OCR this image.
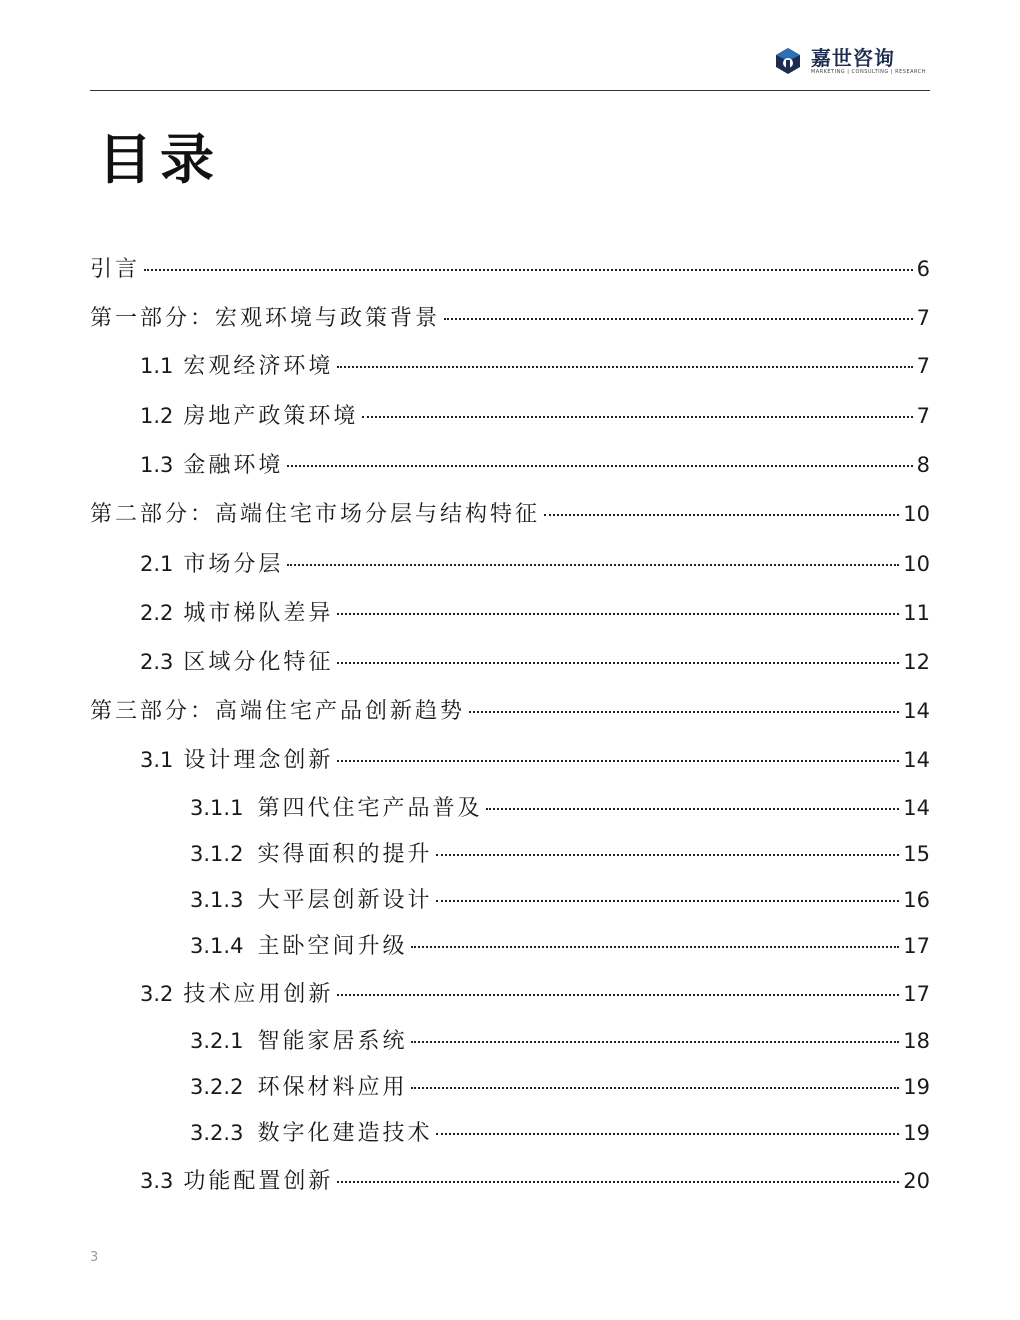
嘉世咨询
MARKETING | CONSULTING | RESEARCH
目录
引言	6
第一部分：宏观环境与政策背景	7
1.1 宏观经济环境	7
1.2 房地产政策环境	7
1.3 金融环境	8
第二部分：高端住宅市场分层与结构特征	10
2.1 市场分层	10
2.2 城市梯队差异	11
2.3 区域分化特征	12
第三部分：高端住宅产品创新趋势	14
3.1 设计理念创新	14
3.1.1 第四代住宅产品普及	14
3.1.2 实得面积的提升	15
3.1.3 大平层创新设计	16
3.1.4 主卧空间升级	17
3.2 技术应用创新	17
3.2.1 智能家居系统	18
3.2.2 环保材料应用	19
3.2.3 数字化建造技术	19
3.3 功能配置创新	20
3
